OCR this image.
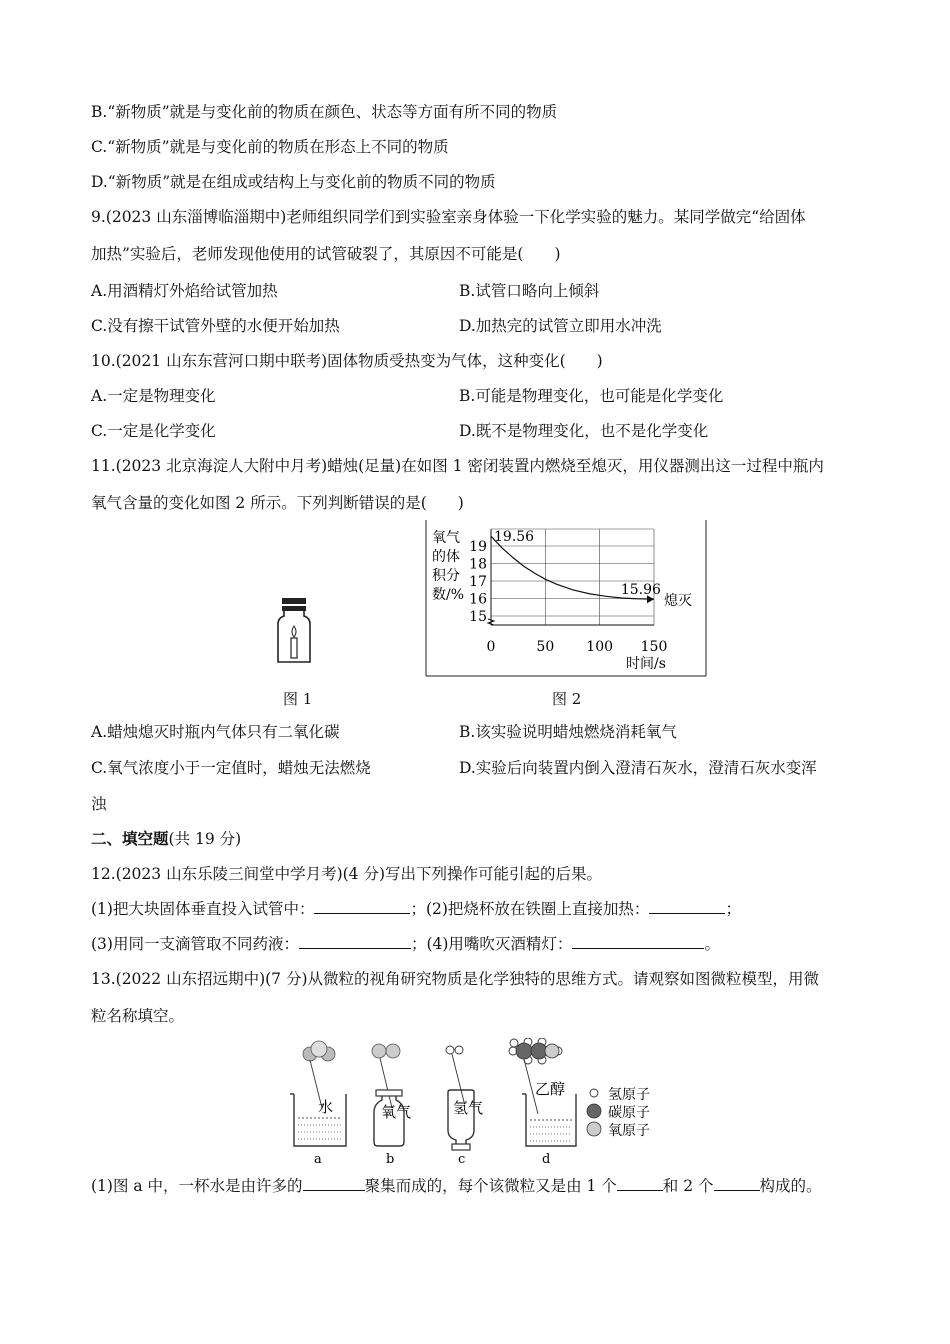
B.“新物质”就是与变化前的物质在颜色、状态等方面有所不同的物质
C.“新物质”就是与变化前的物质在形态上不同的物质
D.“新物质”就是在组成或结构上与变化前的物质不同的物质
9.(2023 山东淄博临淄期中)老师组织同学们到实验室亲身体验一下化学实验的魅力。某同学做完“给固体
加热”实验后，老师发现他使用的试管破裂了，其原因不可能是(　　)
A.用酒精灯外焰给试管加热	B.试管口略向上倾斜
C.没有擦干试管外壁的水便开始加热	D.加热完的试管立即用水冲洗
10.(2021 山东东营河口期中联考)固体物质受热变为气体，这种变化(　　)
A.一定是物理变化	B.可能是物理变化，也可能是化学变化
C.一定是化学变化	D.既不是物理变化，也不是化学变化
11.(2023 北京海淀人大附中月考)蜡烛(足量)在如图 1 密闭装置内燃烧至熄灭，用仪器测出这一过程中瓶内
氧气含量的变化如图 2 所示。下列判断错误的是(　　)
图 1
氧气
的体
积分
数/%
19
18
17
16
15
0	50 100 150
时间/s
19.56
15.96
熄灭
图 2
A.蜡烛熄灭时瓶内气体只有二氧化碳	B.该实验说明蜡烛燃烧消耗氧气
C.氧气浓度小于一定值时，蜡烛无法燃烧	D.实验后向装置内倒入澄清石灰水，澄清石灰水变浑
浊
二、填空题(共 19 分)
12.(2023 山东乐陵三间堂中学月考)(4 分)写出下列操作可能引起的后果。
(1)把大块固体垂直投入试管中：	；(2)把烧杯放在铁圈上直接加热：	；
(3)用同一支滴管取不同药液：	；(4)用嘴吹灭酒精灯：	。
13.(2022 山东招远期中)(7 分)从微粒的视角研究物质是化学独特的思维方式。请观察如图微粒模型，用微
粒名称填空。
水
a
氧气
b
氢气
c
乙醇
d
氢原子
碳原子
氧原子
(1)图 a 中，一杯水是由许多的	聚集而成的，每个该微粒又是由 1 个	和 2 个	构成的。
